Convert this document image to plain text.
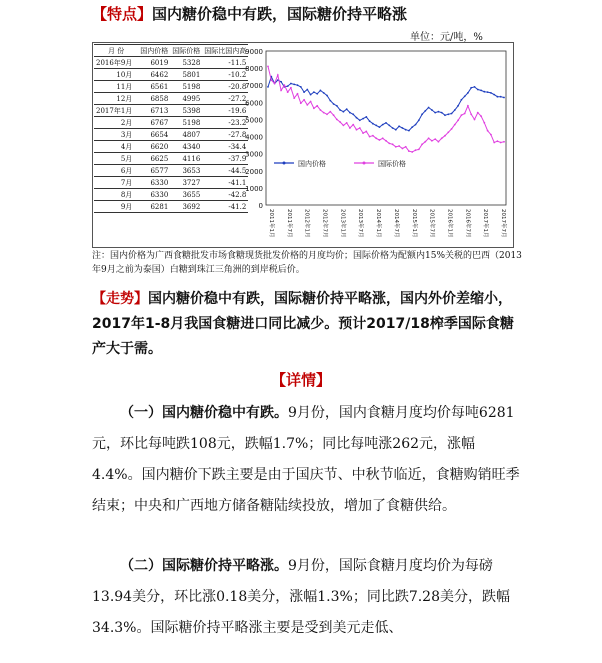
【特点】国内糖价稳中有跌，国际糖价持平略涨
单位：元/吨，%
月 份	国内价格	国际价格	国际比国内高
2016年9月	6019	5328	-11.5
10月	6462	5801	-10.2
11月	6561	5198	-20.8
12月	6858	4995	-27.2
2017年1月	6713	5398	-19.6
2月	6767	5198	-23.2
3月	6654	4807	-27.8
4月	6620	4340	-34.4
5月	6625	4116	-37.9
6月	6577	3653	-44.5
7月	6330	3727	-41.1
8月	6330	3655	-42.8
9月	6281	3692	-41.2 0
1000
2000
3000
4000
5000
6000
7000
8000
9000
2011年1月	2011年7月	2012年1月	2012年7月	2013年1月	2013年7月	2014年1月	2014年7月	2015年1月	2015年7月	2016年1月	2016年7月	2017年1月	2017年7月
国内价格	国际价格
注：国内价格为广西食糖批发市场食糖现货批发价格的月度均价；国际价格为配额内15%关税的巴西（2013年9月之前为泰国）白糖到珠江三角洲的到岸税后价。
【走势】国内糖价稳中有跌，国际糖价持平略涨，国内外价差缩小，2017年1-8月我国食糖进口同比减少。预计2017/18榨季国际食糖产大于需。
【详情】
（一）国内糖价稳中有跌。9月份，国内食糖月度均价每吨6281元，环比每吨跌108元，跌幅1.7%；同比每吨涨262元，涨幅 4.4%。国内糖价下跌主要是由于国庆节、中秋节临近，食糖购销旺季结束；中央和广西地方储备糖陆续投放，增加了食糖供给。
（二）国际糖价持平略涨。9月份，国际食糖月度均价为每磅13.94美分，环比涨0.18美分，涨幅1.3%；同比跌7.28美分，跌幅 34.3%。国际糖价持平略涨主要是受到美元走低、
